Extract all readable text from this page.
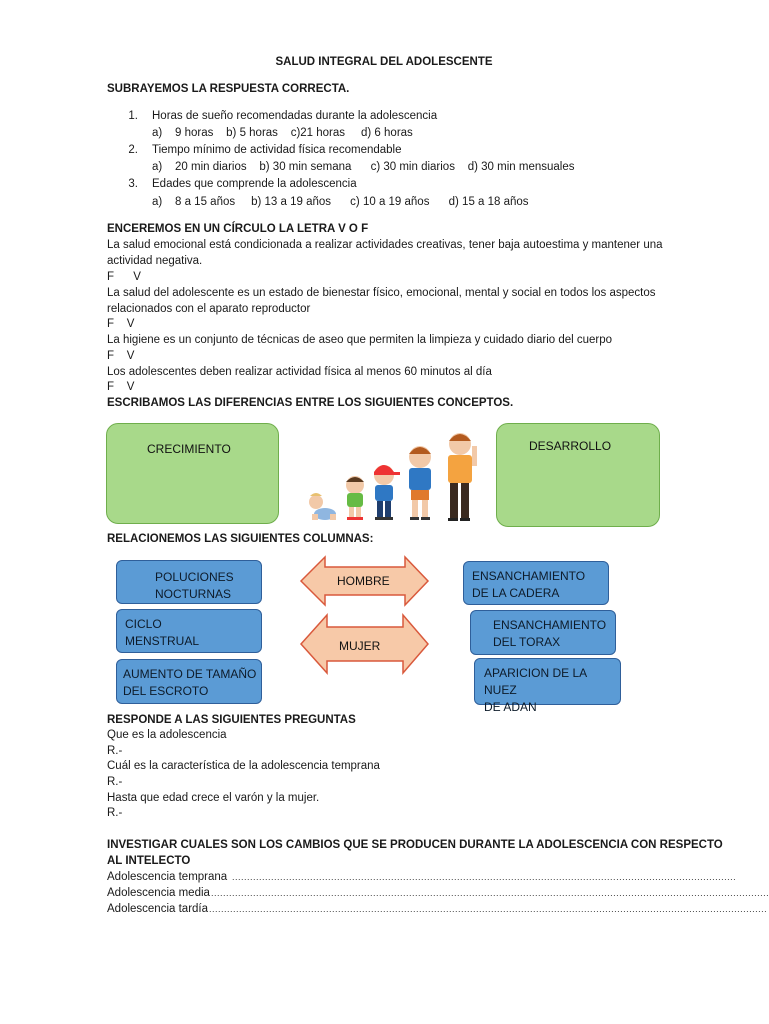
SALUD INTEGRAL DEL ADOLESCENTE
SUBRAYEMOS LA RESPUESTA CORRECTA.
1. Horas de sueño recomendadas durante la adolescencia
a)    9 horas    b) 5 horas    c)21 horas     d) 6 horas
2. Tiempo mínimo de actividad física recomendable
a)    20 min diarios    b) 30 min semana      c) 30 min diarios    d) 30 min mensuales
3. Edades que comprende la adolescencia
a)    8 a 15 años     b) 13 a 19 años      c) 10 a 19 años      d) 15 a 18 años
ENCEREMOS EN UN CÍRCULO LA LETRA V O F
La salud emocional está condicionada a realizar actividades creativas, tener baja autoestima y mantener una
actividad negativa.
F      V
La salud del adolescente es un estado de bienestar físico, emocional, mental y social en todos los aspectos
relacionados con el aparato reproductor
F    V
La higiene es un conjunto de técnicas de aseo que permiten la limpieza y cuidado diario del cuerpo
F    V
Los adolescentes deben realizar actividad física al menos 60 minutos al día
F    V
ESCRIBAMOS LAS DIFERENCIAS ENTRE LOS SIGUIENTES CONCEPTOS.
CRECIMIENTO	DESARROLLO
RELACIONEMOS LAS SIGUIENTES COLUMNAS:
POLUCIONES
NOCTURNAS
CICLO
MENSTRUAL
AUMENTO DE TAMAÑO
DEL ESCROTO
HOMBRE
MUJER
ENSANCHAMIENTO
DE LA CADERA
ENSANCHAMIENTO
DEL TORAX
APARICION DE LA NUEZ
DE ADAN
RESPONDE A LAS SIGUIENTES PREGUNTAS
Que es la adolescencia
R.-
Cuál es la característica de la adolescencia temprana
R.-
Hasta que edad crece el varón y la mujer.
R.-
INVESTIGAR CUALES SON LOS CAMBIOS QUE SE PRODUCEN DURANTE LA ADOLESCENCIA CON RESPECTO
AL INTELECTO
Adolescencia temprana ........................................................................................................................................................................
Adolescencia media ..........................................................................................................................................................................................
Adolescencia tardía ..........................................................................................................................................................................................
